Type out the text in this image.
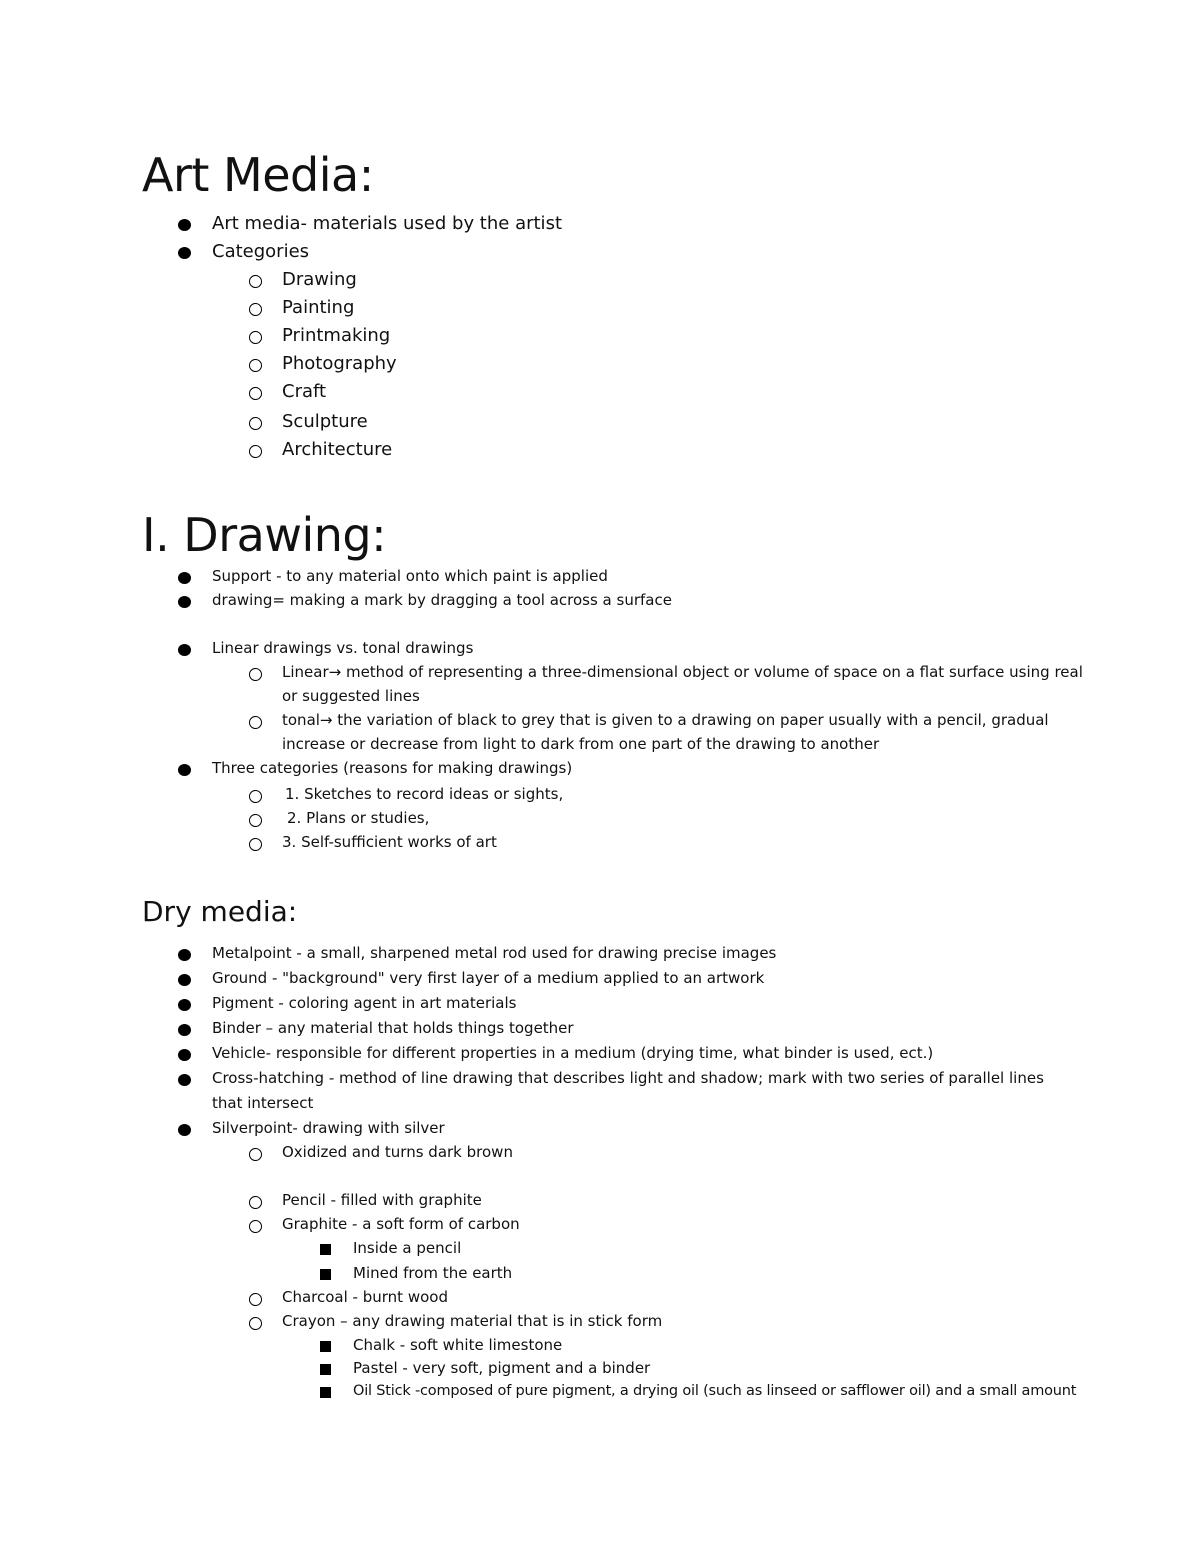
Art Media:
Art media- materials used by the artist
Categories
Drawing
Painting
Printmaking
Photography
Craft
Sculpture
Architecture
I. Drawing:
Support - to any material onto which paint is applied
drawing= making a mark by dragging a tool across a surface
Linear drawings vs. tonal drawings
Linear→ method of representing a three-dimensional object or volume of space on a flat surface using real
or suggested lines
tonal→ the variation of black to grey that is given to a drawing on paper usually with a pencil, gradual
increase or decrease from light to dark from one part of the drawing to another
Three categories (reasons for making drawings)
1. Sketches to record ideas or sights,
2. Plans or studies,
3. Self-sufficient works of art
Dry media:
Metalpoint - a small, sharpened metal rod used for drawing precise images
Ground - "background" very first layer of a medium applied to an artwork
Pigment - coloring agent in art materials
Binder – any material that holds things together
Vehicle- responsible for different properties in a medium (drying time, what binder is used, ect.)
Cross-hatching - method of line drawing that describes light and shadow; mark with two series of parallel lines
that intersect
Silverpoint- drawing with silver
Oxidized and turns dark brown
Pencil - filled with graphite
Graphite - a soft form of carbon
Inside a pencil
Mined from the earth
Charcoal - burnt wood
Crayon – any drawing material that is in stick form
Chalk - soft white limestone
Pastel - very soft, pigment and a binder
Oil Stick -composed of pure pigment, a drying oil (such as linseed or safflower oil) and a small amount
